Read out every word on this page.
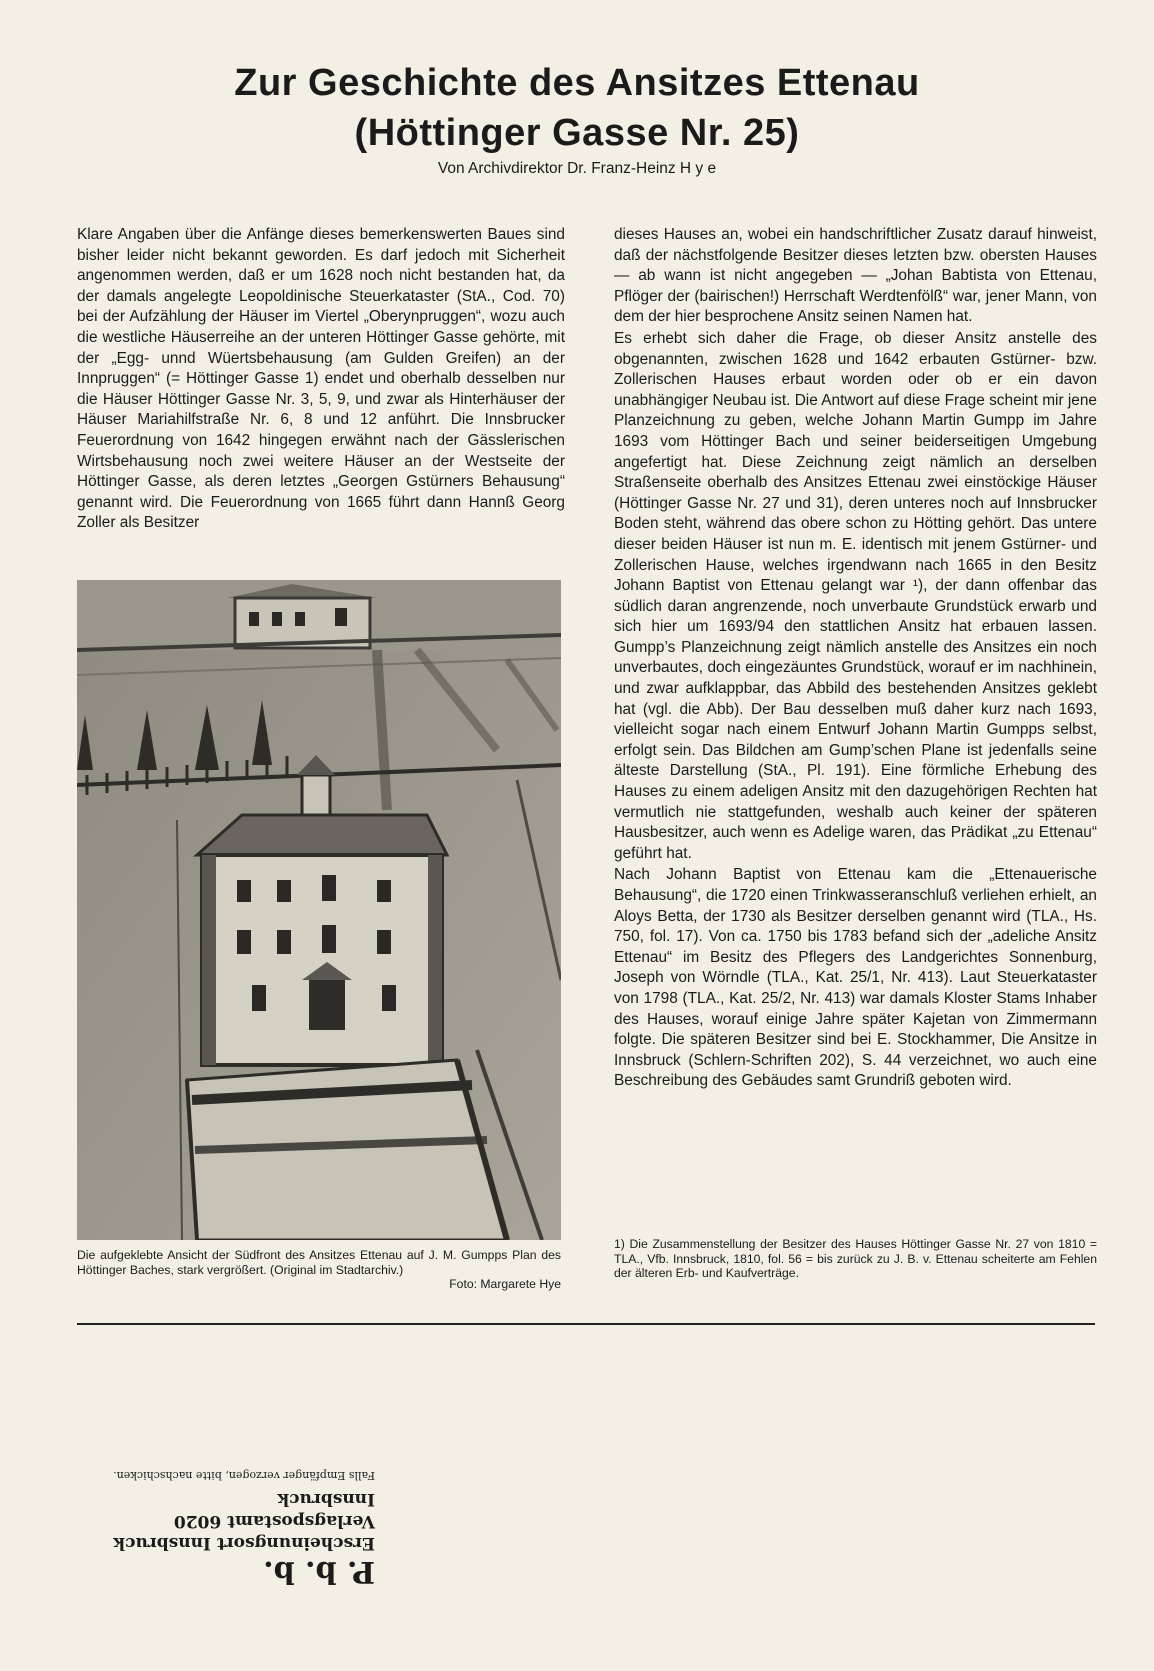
Zur Geschichte des Ansitzes Ettenau
(Höttinger Gasse Nr. 25)

Von Archivdirektor Dr. Franz-Heinz H y e

Klare Angaben über die Anfänge dieses bemerkenswerten Baues sind bisher leider nicht bekannt geworden. Es darf jedoch mit Sicherheit angenommen werden, daß er um 1628 noch nicht bestanden hat, da der damals angelegte Leopoldinische Steuerkataster (StA., Cod. 70) bei der Aufzählung der Häuser im Viertel „Oberynpruggen“, wozu auch die westliche Häuserreihe an der unteren Höttinger Gasse gehörte, mit der „Egg- unnd Wüertsbehausung (am Gulden Greifen) an der Innpruggen“ (= Höttinger Gasse 1) endet und oberhalb desselben nur die Häuser Höttinger Gasse Nr. 3, 5, 9, und zwar als Hinterhäuser der Häuser Mariahilfstraße Nr. 6, 8 und 12 anführt. Die Innsbrucker Feuerordnung von 1642 hingegen erwähnt nach der Gässlerischen Wirtsbehausung noch zwei weitere Häuser an der Westseite der Höttinger Gasse, als deren letztes „Georgen Gstürners Behausung“ genannt wird. Die Feuerordnung von 1665 führt dann Hannß Georg Zoller als Besitzer

Die aufgeklebte Ansicht der Südfront des Ansitzes Ettenau auf J. M. Gumpps Plan des Höttinger Baches, stark vergrößert. (Original im Stadtarchiv.)
Foto: Margarete Hye

dieses Hauses an, wobei ein handschriftlicher Zusatz darauf hinweist, daß der nächstfolgende Besitzer dieses letzten bzw. obersten Hauses — ab wann ist nicht angegeben — „Johan Babtista von Ettenau, Pflöger der (bairischen!) Herrschaft Werdtenfölß“ war, jener Mann, von dem der hier besprochene Ansitz seinen Namen hat.

Es erhebt sich daher die Frage, ob dieser Ansitz anstelle des obgenannten, zwischen 1628 und 1642 erbauten Gstürner- bzw. Zollerischen Hauses erbaut worden oder ob er ein davon unabhängiger Neubau ist. Die Antwort auf diese Frage scheint mir jene Planzeichnung zu geben, welche Johann Martin Gumpp im Jahre 1693 vom Höttinger Bach und seiner beiderseitigen Umgebung angefertigt hat. Diese Zeichnung zeigt nämlich an derselben Straßenseite oberhalb des Ansitzes Ettenau zwei einstöckige Häuser (Höttinger Gasse Nr. 27 und 31), deren unteres noch auf Innsbrucker Boden steht, während das obere schon zu Hötting gehört. Das untere dieser beiden Häuser ist nun m. E. identisch mit jenem Gstürner- und Zollerischen Hause, welches irgendwann nach 1665 in den Besitz Johann Baptist von Ettenau gelangt war ¹), der dann offenbar das südlich daran angrenzende, noch unverbaute Grundstück erwarb und sich hier um 1693/94 den stattlichen Ansitz hat erbauen lassen. Gumpp’s Planzeichnung zeigt nämlich anstelle des Ansitzes ein noch unverbautes, doch eingezäuntes Grundstück, worauf er im nachhinein, und zwar aufklappbar, das Abbild des bestehenden Ansitzes geklebt hat (vgl. die Abb). Der Bau desselben muß daher kurz nach 1693, vielleicht sogar nach einem Entwurf Johann Martin Gumpps selbst, erfolgt sein. Das Bildchen am Gump’schen Plane ist jedenfalls seine älteste Darstellung (StA., Pl. 191). Eine förmliche Erhebung des Hauses zu einem adeligen Ansitz mit den dazugehörigen Rechten hat vermutlich nie stattgefunden, weshalb auch keiner der späteren Hausbesitzer, auch wenn es Adelige waren, das Prädikat „zu Ettenau“ geführt hat.

Nach Johann Baptist von Ettenau kam die „Ettenauerische Behausung“, die 1720 einen Trinkwasseranschluß verliehen erhielt, an Aloys Betta, der 1730 als Besitzer derselben genannt wird (TLA., Hs. 750, fol. 17). Von ca. 1750 bis 1783 befand sich der „adeliche Ansitz Ettenau“ im Besitz des Pflegers des Landgerichtes Sonnenburg, Joseph von Wörndle (TLA., Kat. 25/1, Nr. 413). Laut Steuerkataster von 1798 (TLA., Kat. 25/2, Nr. 413) war damals Kloster Stams Inhaber des Hauses, worauf einige Jahre später Kajetan von Zimmermann folgte. Die späteren Besitzer sind bei E. Stockhammer, Die Ansitze in Innsbruck (Schlern-Schriften 202), S. 44 verzeichnet, wo auch eine Beschreibung des Gebäudes samt Grundriß geboten wird.

1) Die Zusammenstellung der Besitzer des Hauses Höttinger Gasse Nr. 27 von 1810 = TLA., Vfb. Innsbruck, 1810, fol. 56 = bis zurück zu J. B. v. Ettenau scheiterte am Fehlen der älteren Erb- und Kaufverträge.
P. b. b.
Erscheinungsort Innsbruck
Verlagspostamt 6020 Innsbruck
Falls Empfänger verzogen, bitte nachschicken.
